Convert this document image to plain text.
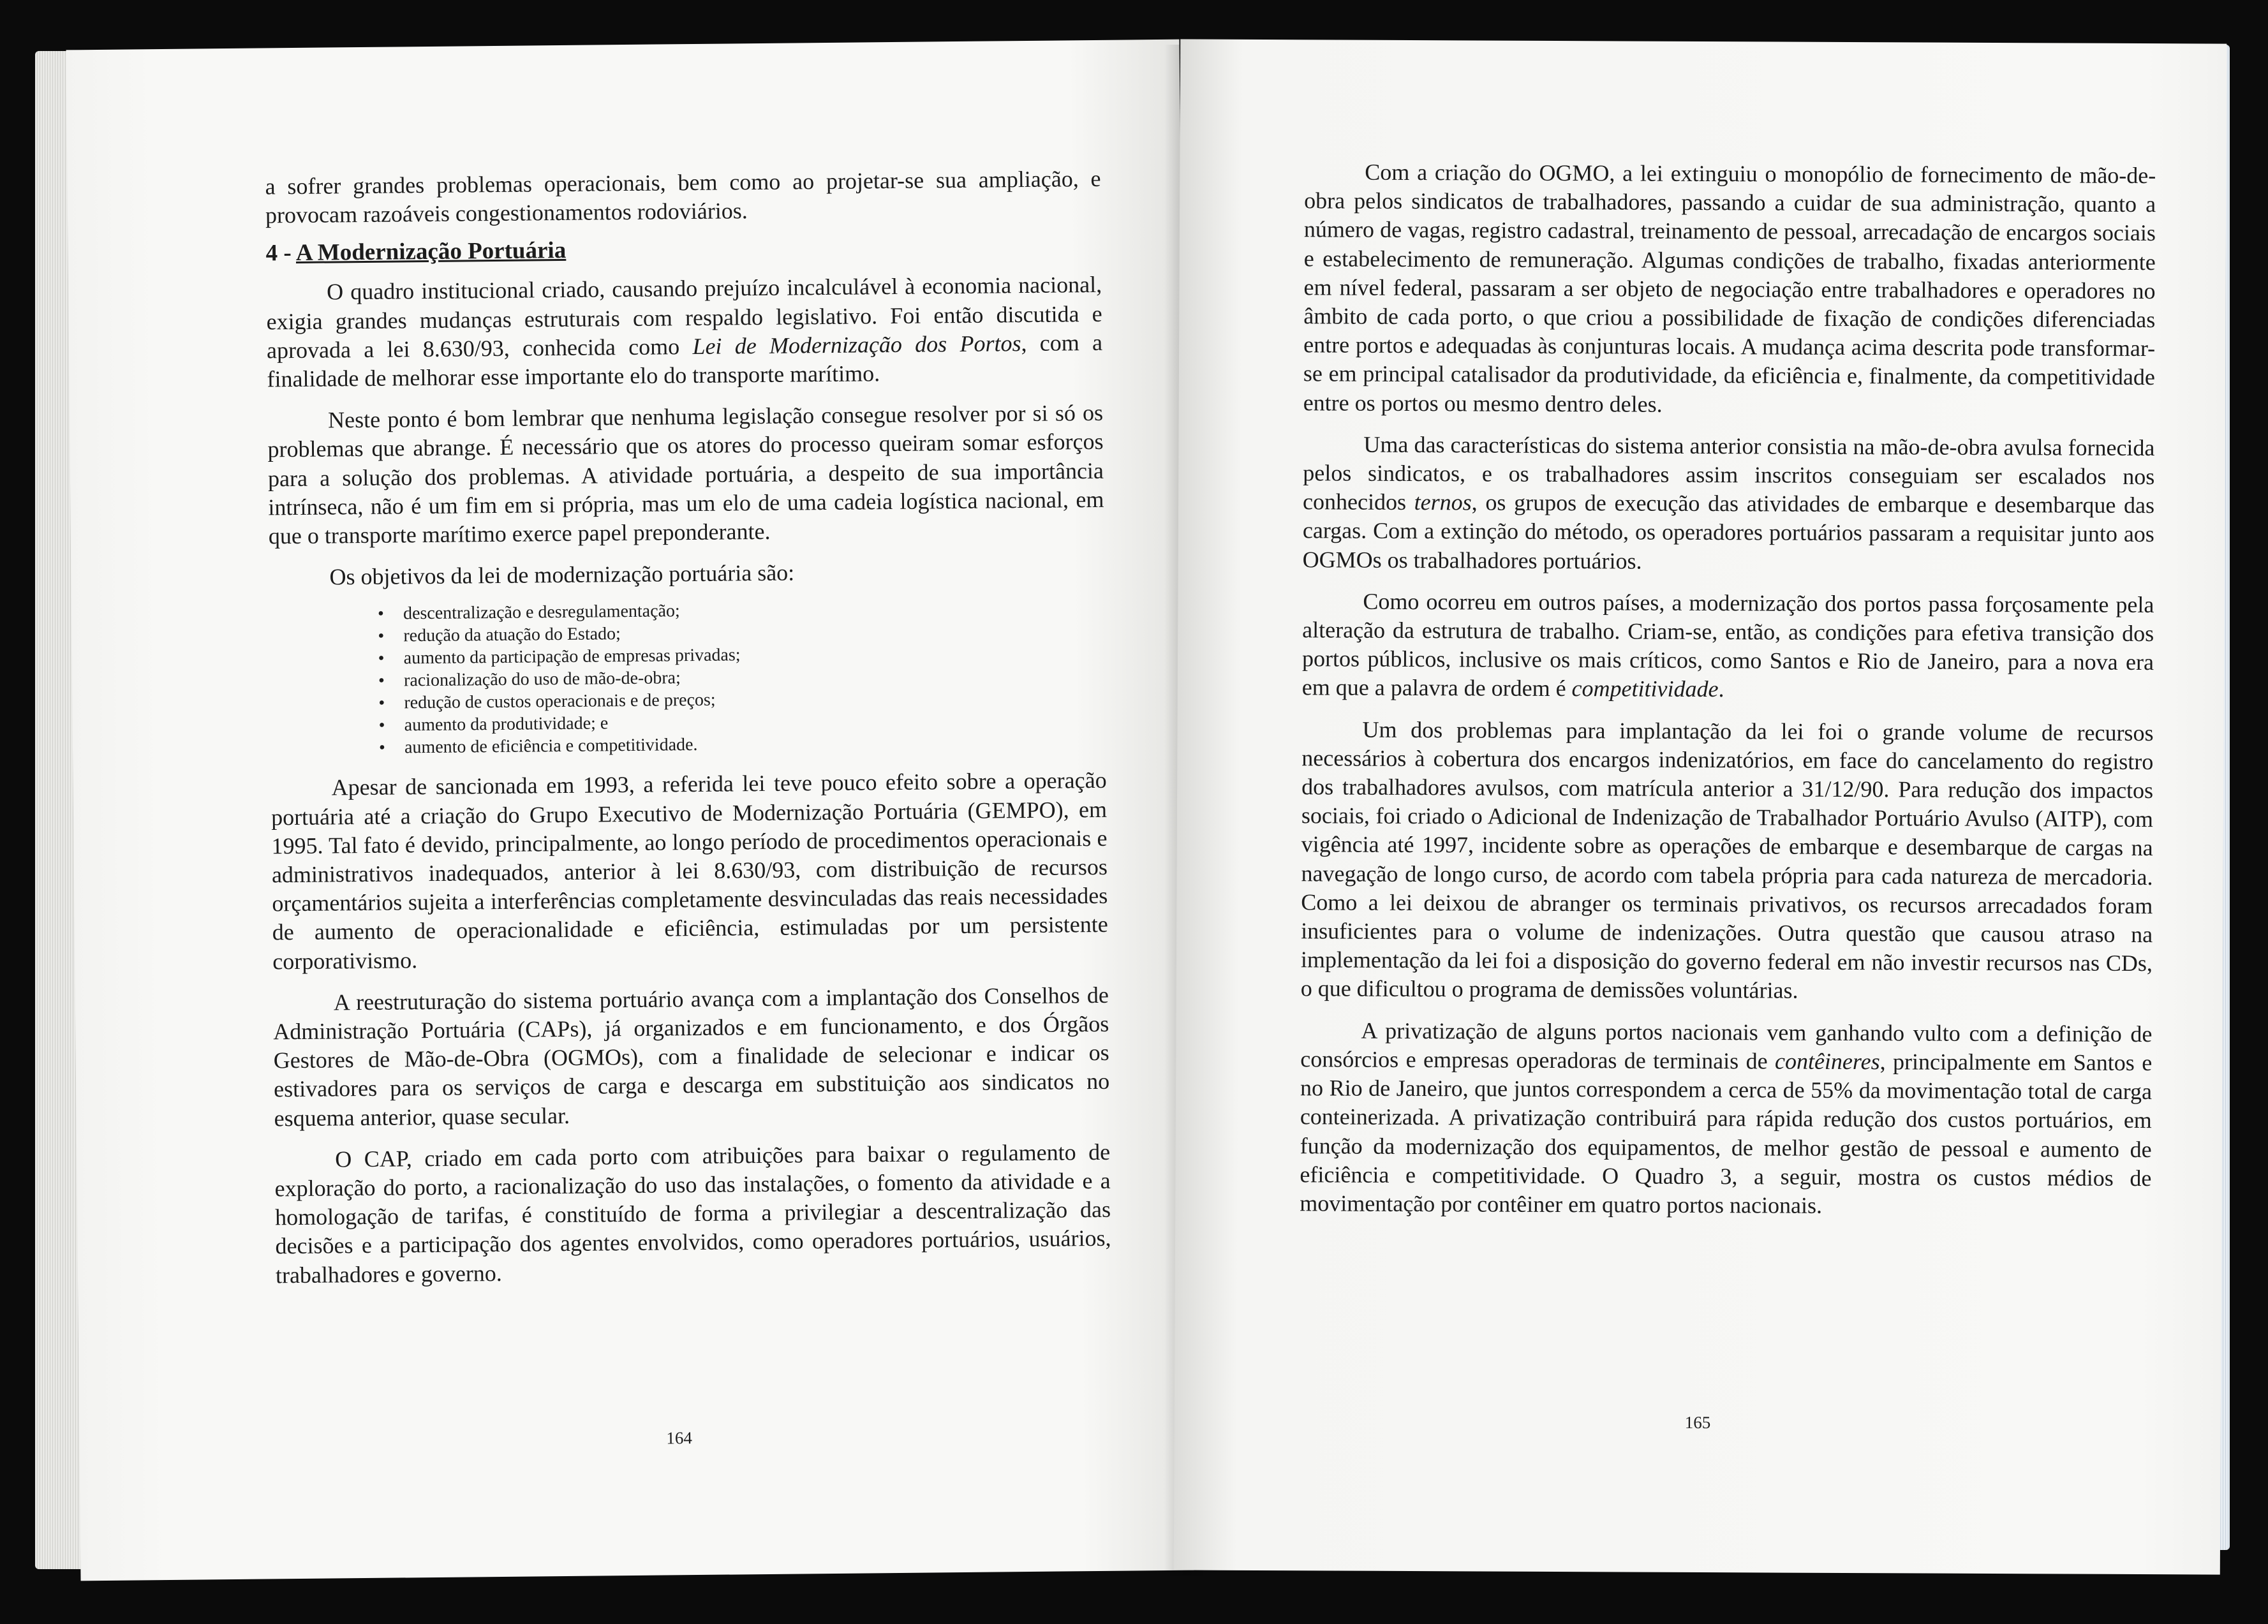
a sofrer grandes problemas operacionais, bem como ao projetar-se sua ampliação, e provocam razoáveis congestionamentos rodoviários.

4 - A Modernização Portuária

O quadro institucional criado, causando prejuízo incalculável à economia nacional, exigia grandes mudanças estruturais com respaldo legislativo. Foi então discutida e aprovada a lei 8.630/93, conhecida como Lei de Modernização dos Portos, com a finalidade de melhorar esse importante elo do transporte marítimo.

Neste ponto é bom lembrar que nenhuma legislação consegue resolver por si só os problemas que abrange. É necessário que os atores do processo queiram somar esforços para a solução dos problemas. A atividade portuária, a despeito de sua importância intrínseca, não é um fim em si própria, mas um elo de uma cadeia logística nacional, em que o transporte marítimo exerce papel preponderante.

Os objetivos da lei de modernização portuária são:

• descentralização e desregulamentação;
• redução da atuação do Estado;
• aumento da participação de empresas privadas;
• racionalização do uso de mão-de-obra;
• redução de custos operacionais e de preços;
• aumento da produtividade; e
• aumento de eficiência e competitividade.

Apesar de sancionada em 1993, a referida lei teve pouco efeito sobre a operação portuária até a criação do Grupo Executivo de Modernização Portuária (GEMPO), em 1995. Tal fato é devido, principalmente, ao longo período de procedimentos operacionais e administrativos inadequados, anterior à lei 8.630/93, com distribuição de recursos orçamentários sujeita a interferências completamente desvinculadas das reais necessidades de aumento de operacionalidade e eficiência, estimuladas por um persistente corporativismo.

A reestruturação do sistema portuário avança com a implantação dos Conselhos de Administração Portuária (CAPs), já organizados e em funcionamento, e dos Órgãos Gestores de Mão-de-Obra (OGMOs), com a finalidade de selecionar e indicar os estivadores para os serviços de carga e descarga em substituição aos sindicatos no esquema anterior, quase secular.

O CAP, criado em cada porto com atribuições para baixar o regulamento de exploração do porto, a racionalização do uso das instalações, o fomento da atividade e a homologação de tarifas, é constituído de forma a privilegiar a descentralização das decisões e a participação dos agentes envolvidos, como operadores portuários, usuários, trabalhadores e governo.

164

Com a criação do OGMO, a lei extinguiu o monopólio de fornecimento de mão-de-obra pelos sindicatos de trabalhadores, passando a cuidar de sua administração, quanto a número de vagas, registro cadastral, treinamento de pessoal, arrecadação de encargos sociais e estabelecimento de remuneração. Algumas condições de trabalho, fixadas anteriormente em nível federal, passaram a ser objeto de negociação entre trabalhadores e operadores no âmbito de cada porto, o que criou a possibilidade de fixação de condições diferenciadas entre portos e adequadas às conjunturas locais. A mudança acima descrita pode transformar-se em principal catalisador da produtividade, da eficiência e, finalmente, da competitividade entre os portos ou mesmo dentro deles.

Uma das características do sistema anterior consistia na mão-de-obra avulsa fornecida pelos sindicatos, e os trabalhadores assim inscritos conseguiam ser escalados nos conhecidos ternos, os grupos de execução das atividades de embarque e desembarque das cargas. Com a extinção do método, os operadores portuários passaram a requisitar junto aos OGMOs os trabalhadores portuários.

Como ocorreu em outros países, a modernização dos portos passa forçosamente pela alteração da estrutura de trabalho. Criam-se, então, as condições para efetiva transição dos portos públicos, inclusive os mais críticos, como Santos e Rio de Janeiro, para a nova era em que a palavra de ordem é competitividade.

Um dos problemas para implantação da lei foi o grande volume de recursos necessários à cobertura dos encargos indenizatórios, em face do cancelamento do registro dos trabalhadores avulsos, com matrícula anterior a 31/12/90. Para redução dos impactos sociais, foi criado o Adicional de Indenização de Trabalhador Portuário Avulso (AITP), com vigência até 1997, incidente sobre as operações de embarque e desembarque de cargas na navegação de longo curso, de acordo com tabela própria para cada natureza de mercadoria. Como a lei deixou de abranger os terminais privativos, os recursos arrecadados foram insuficientes para o volume de indenizações. Outra questão que causou atraso na implementação da lei foi a disposição do governo federal em não investir recursos nas CDs, o que dificultou o programa de demissões voluntárias.

A privatização de alguns portos nacionais vem ganhando vulto com a definição de consórcios e empresas operadoras de terminais de contêineres, principalmente em Santos e no Rio de Janeiro, que juntos correspondem a cerca de 55% da movimentação total de carga conteinerizada. A privatização contribuirá para rápida redução dos custos portuários, em função da modernização dos equipamentos, de melhor gestão de pessoal e aumento de eficiência e competitividade. O Quadro 3, a seguir, mostra os custos médios de movimentação por contêiner em quatro portos nacionais.

165
